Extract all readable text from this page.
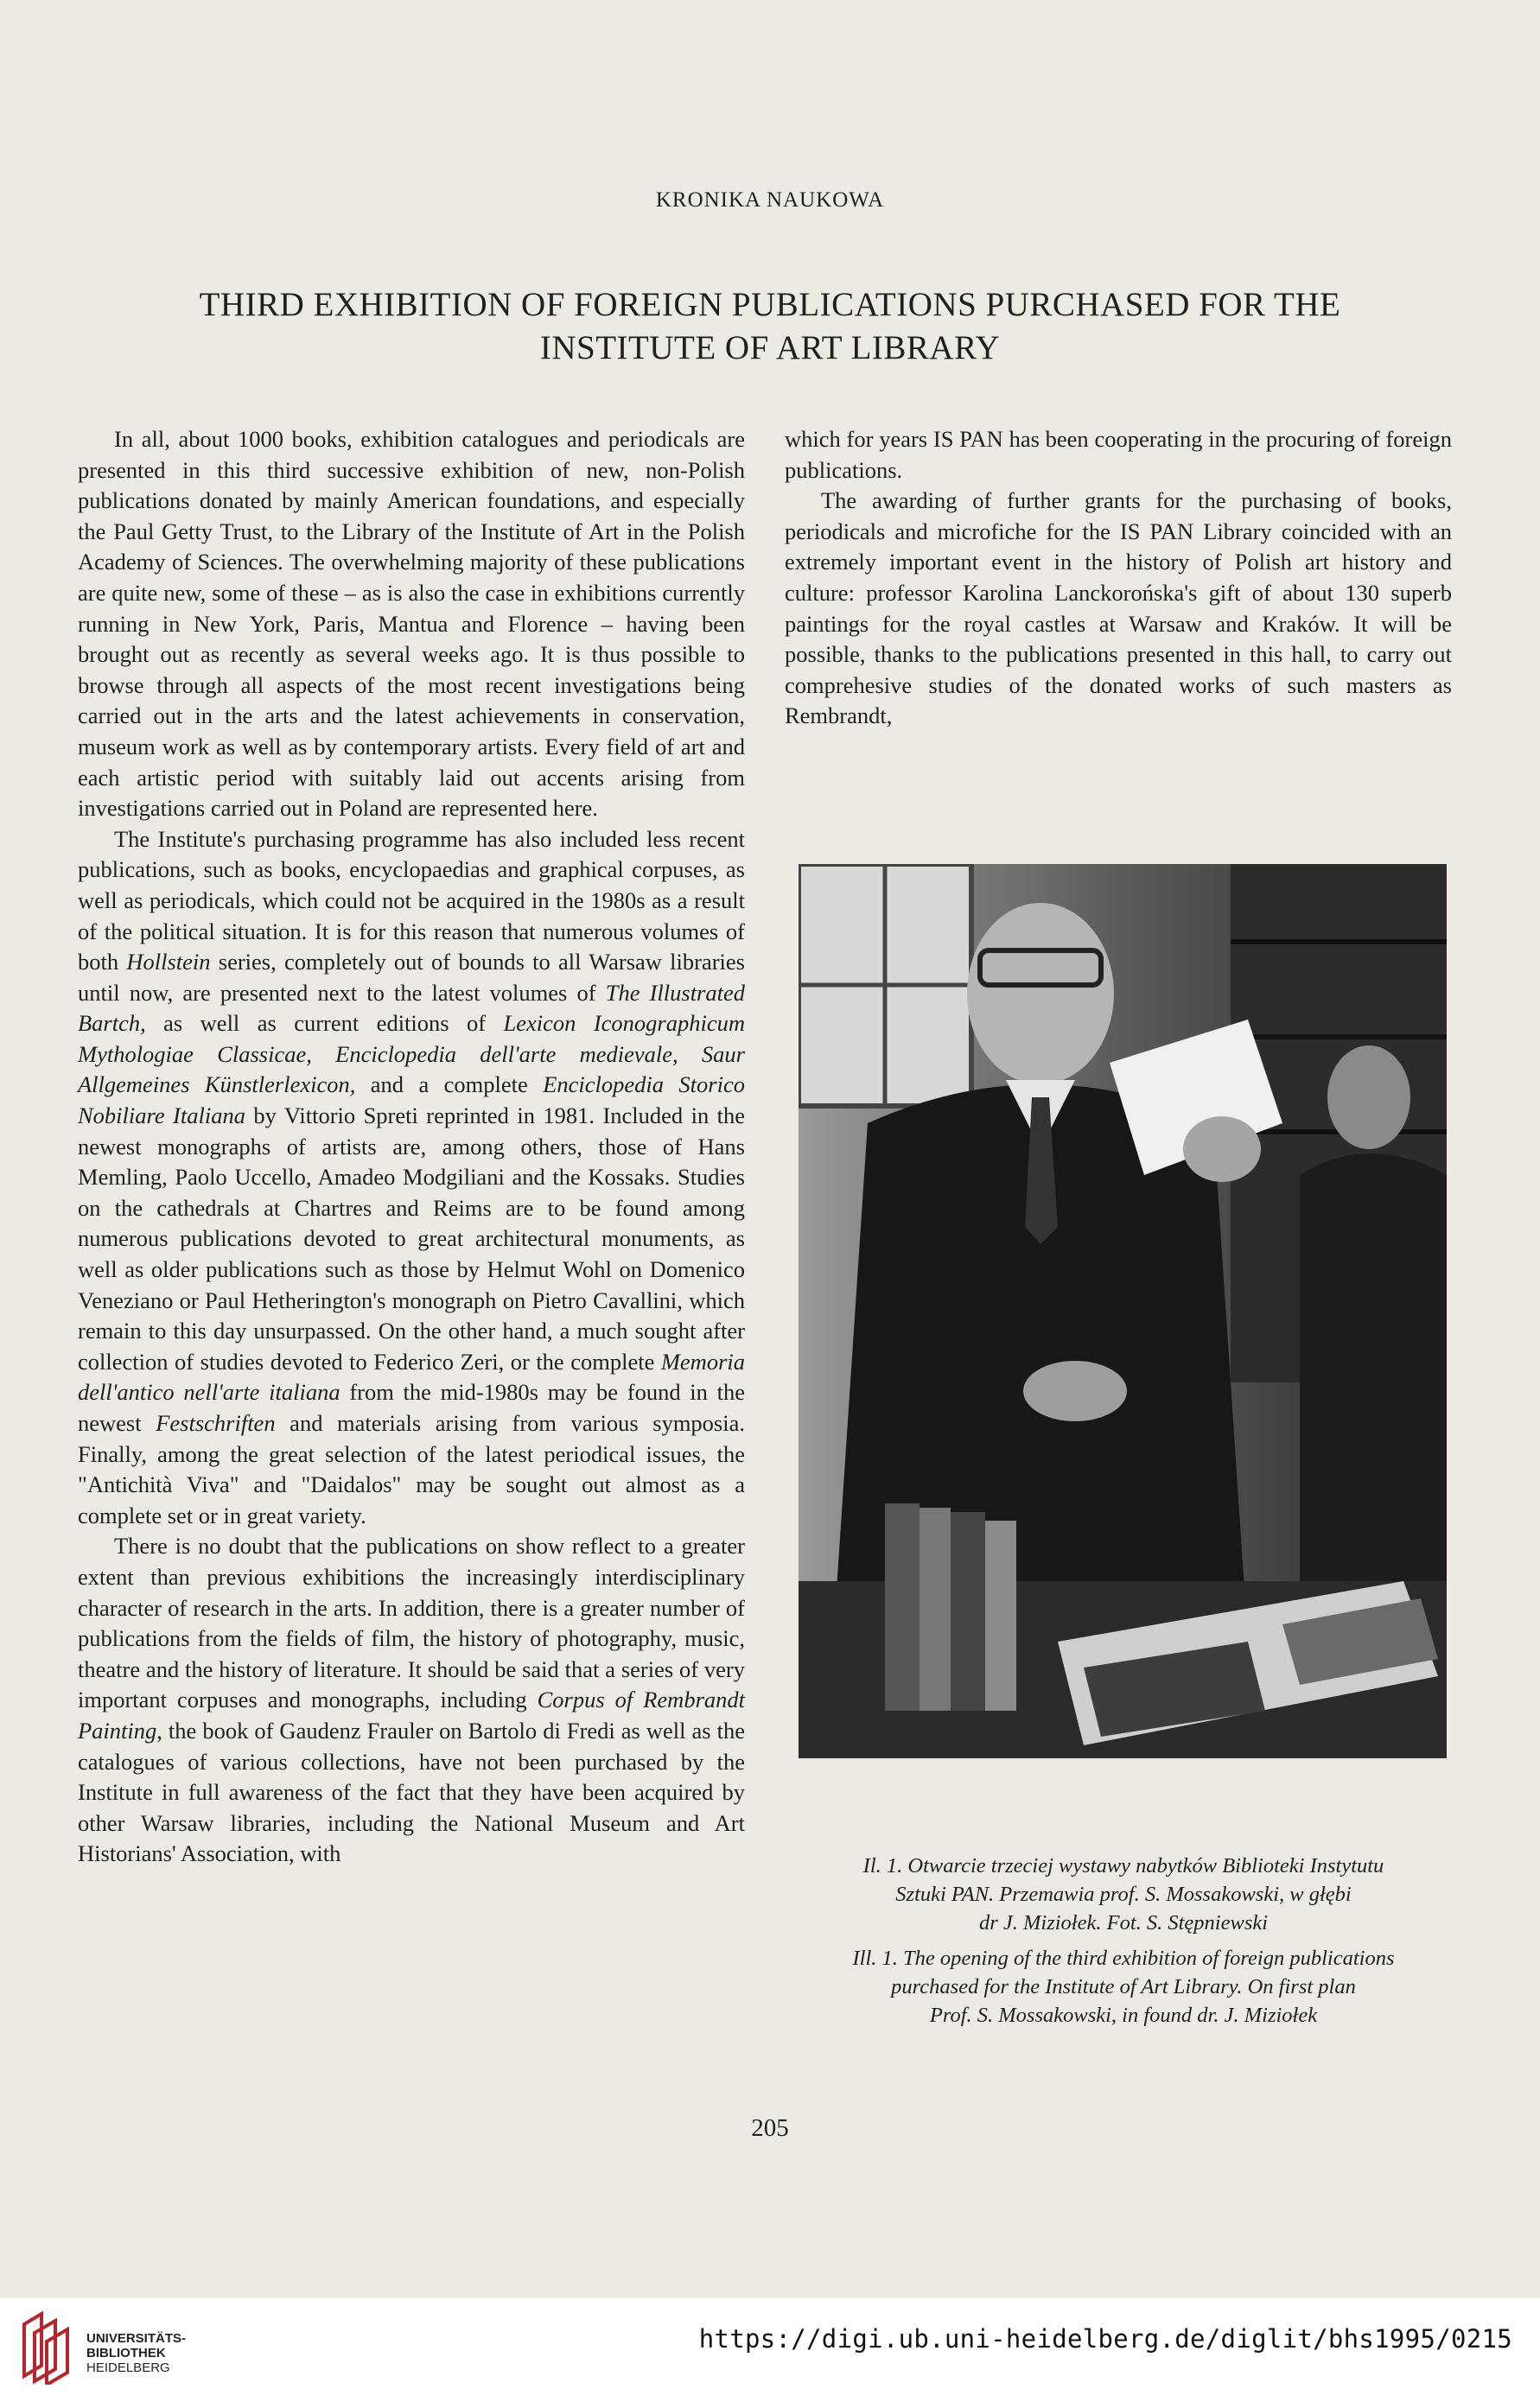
KRONIKA NAUKOWA
THIRD EXHIBITION OF FOREIGN PUBLICATIONS PURCHASED FOR THE
INSTITUTE OF ART LIBRARY

In all, about 1000 books, exhibition catalogues and periodicals are presented in this third successive exhibition of new, non-Polish publications donated by mainly American foundations, and especially the Paul Getty Trust, to the Library of the Institute of Art in the Polish Academy of Sciences. The overwhelming majority of these publications are quite new, some of these – as is also the case in exhibitions currently running in New York, Paris, Mantua and Florence – having been brought out as recently as several weeks ago. It is thus possible to browse through all aspects of the most recent investigations being carried out in the arts and the latest achievements in conservation, museum work as well as by contemporary artists. Every field of art and each artistic period with suitably laid out accents arising from investigations carried out in Poland are represented here.

The Institute's purchasing programme has also included less recent publications, such as books, encyclopaedias and graphical corpuses, as well as periodicals, which could not be acquired in the 1980s as a result of the political situation. It is for this reason that numerous volumes of both Hollstein series, completely out of bounds to all Warsaw libraries until now, are presented next to the latest volumes of The Illustrated Bartch, as well as current editions of Lexicon Iconographicum Mythologiae Classicae, Enciclopedia dell'arte medievale, Saur Allgemeines Künstlerlexicon, and a complete Enciclopedia Storico Nobiliare Italiana by Vittorio Spreti reprinted in 1981. Included in the newest monographs of artists are, among others, those of Hans Memling, Paolo Uccello, Amadeo Modgiliani and the Kossaks. Studies on the cathedrals at Chartres and Reims are to be found among numerous publications devoted to great architectural monuments, as well as older publications such as those by Helmut Wohl on Domenico Veneziano or Paul Hetherington's monograph on Pietro Cavallini, which remain to this day unsurpassed. On the other hand, a much sought after collection of studies devoted to Federico Zeri, or the complete Memoria dell'antico nell'arte italiana from the mid-1980s may be found in the newest Festschriften and materials arising from various symposia. Finally, among the great selection of the latest periodical issues, the "Antichità Viva" and "Daidalos" may be sought out almost as a complete set or in great variety.

There is no doubt that the publications on show reflect to a greater extent than previous exhibitions the increasingly interdisciplinary character of research in the arts. In addition, there is a greater number of publications from the fields of film, the history of photography, music, theatre and the history of literature. It should be said that a series of very important corpuses and monographs, including Corpus of Rembrandt Painting, the book of Gaudenz Frauler on Bartolo di Fredi as well as the catalogues of various collections, have not been purchased by the Institute in full awareness of the fact that they have been acquired by other Warsaw libraries, including the National Museum and Art Historians' Association, with

which for years IS PAN has been cooperating in the procuring of foreign publications.

The awarding of further grants for the purchasing of books, periodicals and microfiche for the IS PAN Library coincided with an extremely important event in the history of Polish art history and culture: professor Karolina Lanckorońska's gift of about 130 superb paintings for the royal castles at Warsaw and Kraków. It will be possible, thanks to the publications presented in this hall, to carry out comprehesive studies of the donated works of such masters as Rembrandt,

Il. 1. Otwarcie trzeciej wystawy nabytków Biblioteki Instytutu
Sztuki PAN. Przemawia prof. S. Mossakowski, w głębi
dr J. Miziołek. Fot. S. Stępniewski

Ill. 1. The opening of the third exhibition of foreign publications
purchased for the Institute of Art Library. On first plan
Prof. S. Mossakowski, in found dr. J. Miziołek

205
UNIVERSITÄTS-
BIBLIOTHEK
HEIDELBERG
https://digi.ub.uni-heidelberg.de/diglit/bhs1995/0215
